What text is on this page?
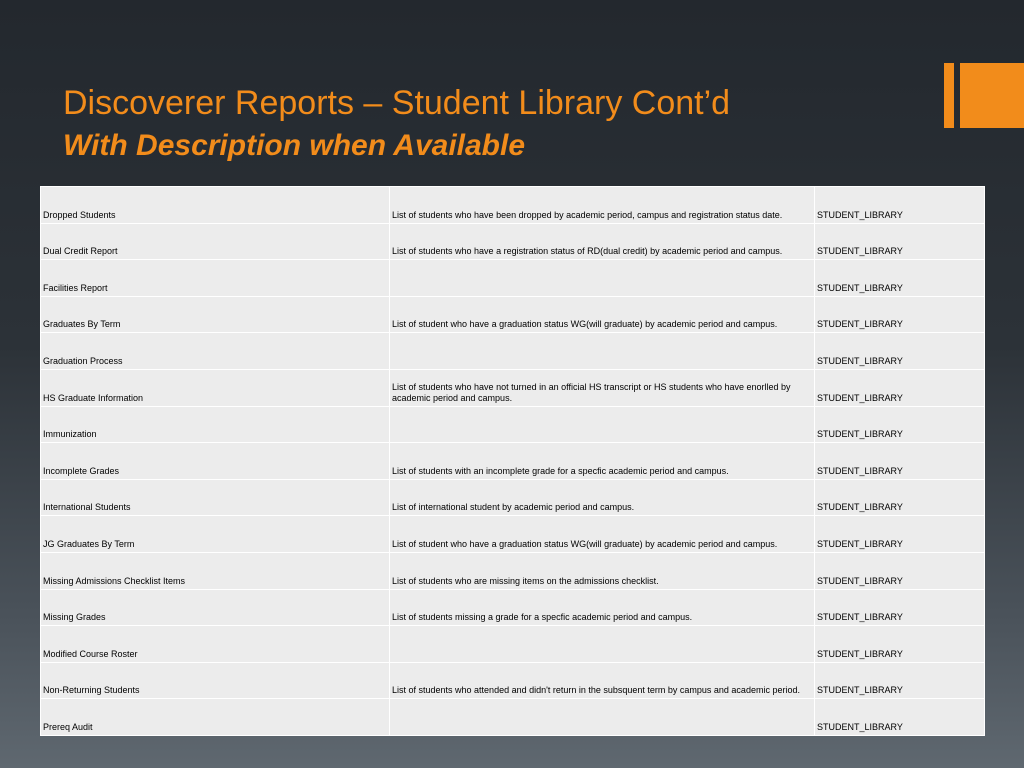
Discoverer Reports – Student Library Cont’d
With Description when Available
Dropped Students	List of students who have been dropped by academic period, campus and registration status date.	STUDENT_LIBRARY
Dual Credit Report	List of students who have a registration status of RD(dual credit) by academic period and campus.	STUDENT_LIBRARY
Facilities Report		STUDENT_LIBRARY
Graduates By Term	List of student who have a graduation status WG(will graduate) by academic period and campus.	STUDENT_LIBRARY
Graduation Process		STUDENT_LIBRARY
HS Graduate Information	List of students who have not turned in an official HS transcript or HS students who have enorlled by academic period and campus.	STUDENT_LIBRARY
Immunization		STUDENT_LIBRARY
Incomplete Grades	List of students with an incomplete grade for a specfic academic period and campus.	STUDENT_LIBRARY
International Students	List of international student by academic period and campus.	STUDENT_LIBRARY
JG Graduates By Term	List of student who have a graduation status WG(will graduate) by academic period and campus.	STUDENT_LIBRARY
Missing Admissions Checklist Items	List of students who are missing items on the admissions checklist.	STUDENT_LIBRARY
Missing Grades	List of students missing a grade for a specfic academic period and campus.	STUDENT_LIBRARY
Modified Course Roster		STUDENT_LIBRARY
Non-Returning Students	List of students who attended and didn't return in the subsquent term by campus and academic period.	STUDENT_LIBRARY
Prereq Audit		STUDENT_LIBRARY
